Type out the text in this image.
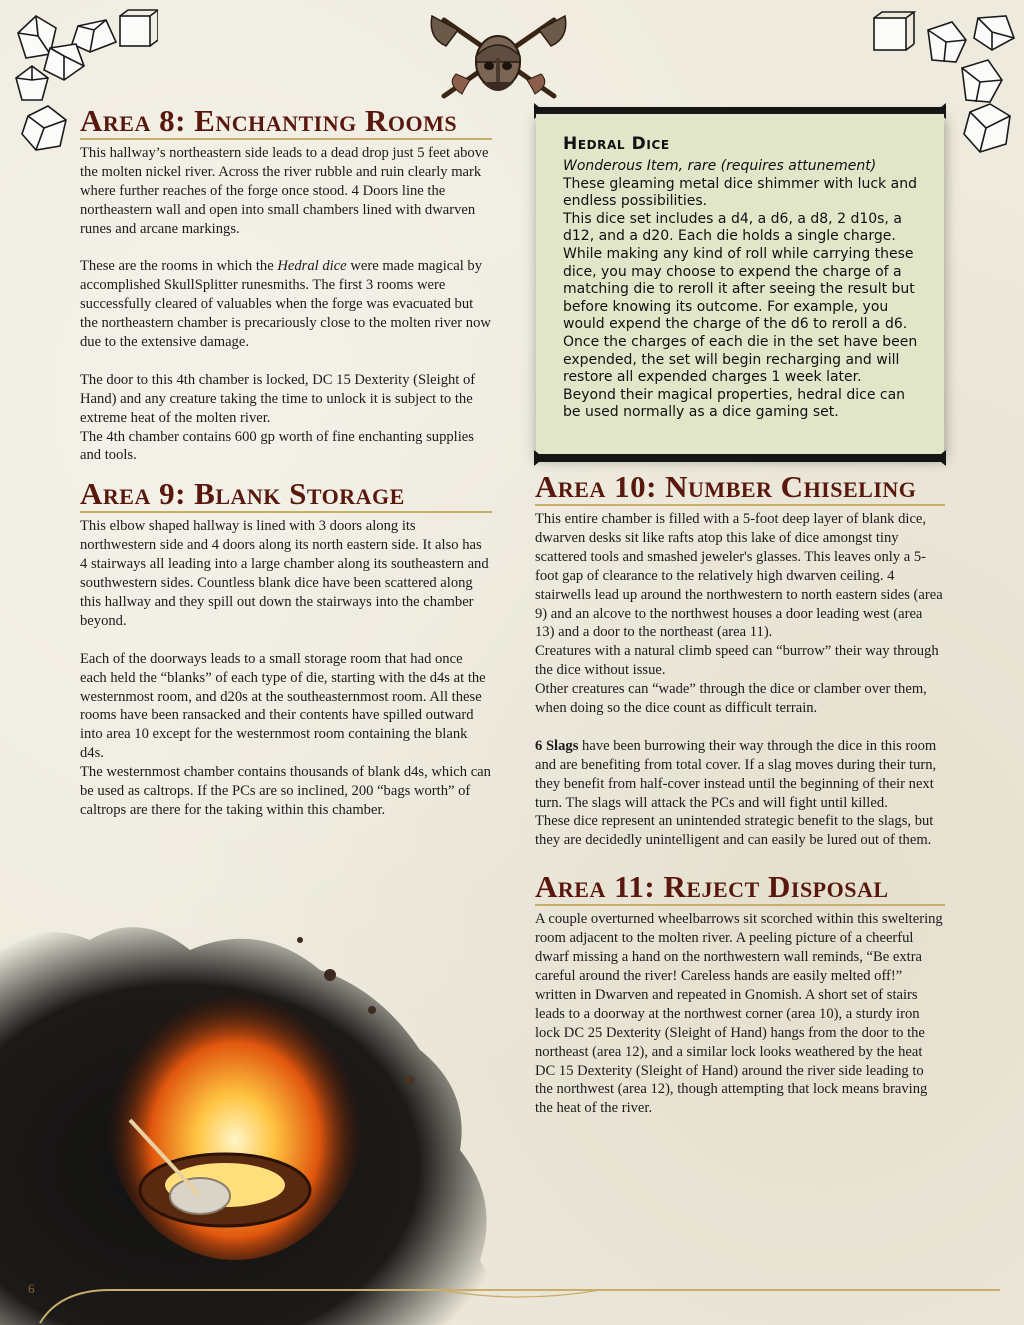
6
Area 8: Enchanting Rooms

This hallway’s northeastern side leads to a dead drop just 5 feet above the molten nickel river. Across the river rubble and ruin clearly mark where further reaches of the forge once stood. 4 Doors line the northeastern wall and open into small chambers lined with dwarven runes and arcane markings.

These are the rooms in which the Hedral dice were made magical by accomplished SkullSplitter runesmiths. The first 3 rooms were successfully cleared of valuables when the forge was evacuated but the northeastern chamber is precariously close to the molten river now due to the extensive damage.

The door to this 4th chamber is locked, DC 15 Dexterity (Sleight of Hand) and any creature taking the time to unlock it is subject to the extreme heat of the molten river.

The 4th chamber contains 600 gp worth of fine enchanting supplies and tools.

Area 9: Blank Storage

This elbow shaped hallway is lined with 3 doors along its northwestern side and 4 doors along its north eastern side. It also has 4 stairways all leading into a large chamber along its southeastern and southwestern sides. Countless blank dice have been scattered along this hallway and they spill out down the stairways into the chamber beyond.

Each of the doorways leads to a small storage room that had once each held the “blanks” of each type of die, starting with the d4s at the westernmost room, and d20s at the southeasternmost room. All these rooms have been ransacked and their contents have spilled outward into area 10 except for the westernmost room containing the blank d4s.

The westernmost chamber contains thousands of blank d4s, which can be used as caltrops. If the PCs are so inclined, 200 “bags worth” of caltrops are there for the taking within this chamber.

Hedral Dice

Wonderous Item, rare (requires attunement)

These gleaming metal dice shimmer with luck and endless possibilities.

This dice set includes a d4, a d6, a d8, 2 d10s, a d12, and a d20. Each die holds a single charge.

While making any kind of roll while carrying these dice, you may choose to expend the charge of a matching die to reroll it after seeing the result but before knowing its outcome. For example, you would expend the charge of the d6 to reroll a d6.

Once the charges of each die in the set have been expended, the set will begin recharging and will restore all expended charges 1 week later.

Beyond their magical properties, hedral dice can be used normally as a dice gaming set.

Area 10: Number Chiseling

This entire chamber is filled with a 5-foot deep layer of blank dice, dwarven desks sit like rafts atop this lake of dice amongst tiny scattered tools and smashed jeweler's glasses. This leaves only a 5-foot gap of clearance to the relatively high dwarven ceiling. 4 stairwells lead up around the northwestern to north eastern sides (area 9) and an alcove to the northwest houses a door leading west (area 13) and a door to the northeast (area 11).

Creatures with a natural climb speed can “burrow” their way through the dice without issue.

Other creatures can “wade” through the dice or clamber over them, when doing so the dice count as difficult terrain.

6 Slags have been burrowing their way through the dice in this room and are benefiting from total cover. If a slag moves during their turn, they benefit from half-cover instead until the beginning of their next turn. The slags will attack the PCs and will fight until killed.

These dice represent an unintended strategic benefit to the slags, but they are decidedly unintelligent and can easily be lured out of them.

Area 11: Reject Disposal

A couple overturned wheelbarrows sit scorched within this sweltering room adjacent to the molten river. A peeling picture of a cheerful dwarf missing a hand on the northwestern wall reminds, “Be extra careful around the river! Careless hands are easily melted off!” written in Dwarven and repeated in Gnomish. A short set of stairs leads to a doorway at the northwest corner (area 10), a sturdy iron lock DC 25 Dexterity (Sleight of Hand) hangs from the door to the northeast (area 12), and a similar lock looks weathered by the heat DC 15 Dexterity (Sleight of Hand) around the river side leading to the northwest (area 12), though attempting that lock means braving the heat of the river.
